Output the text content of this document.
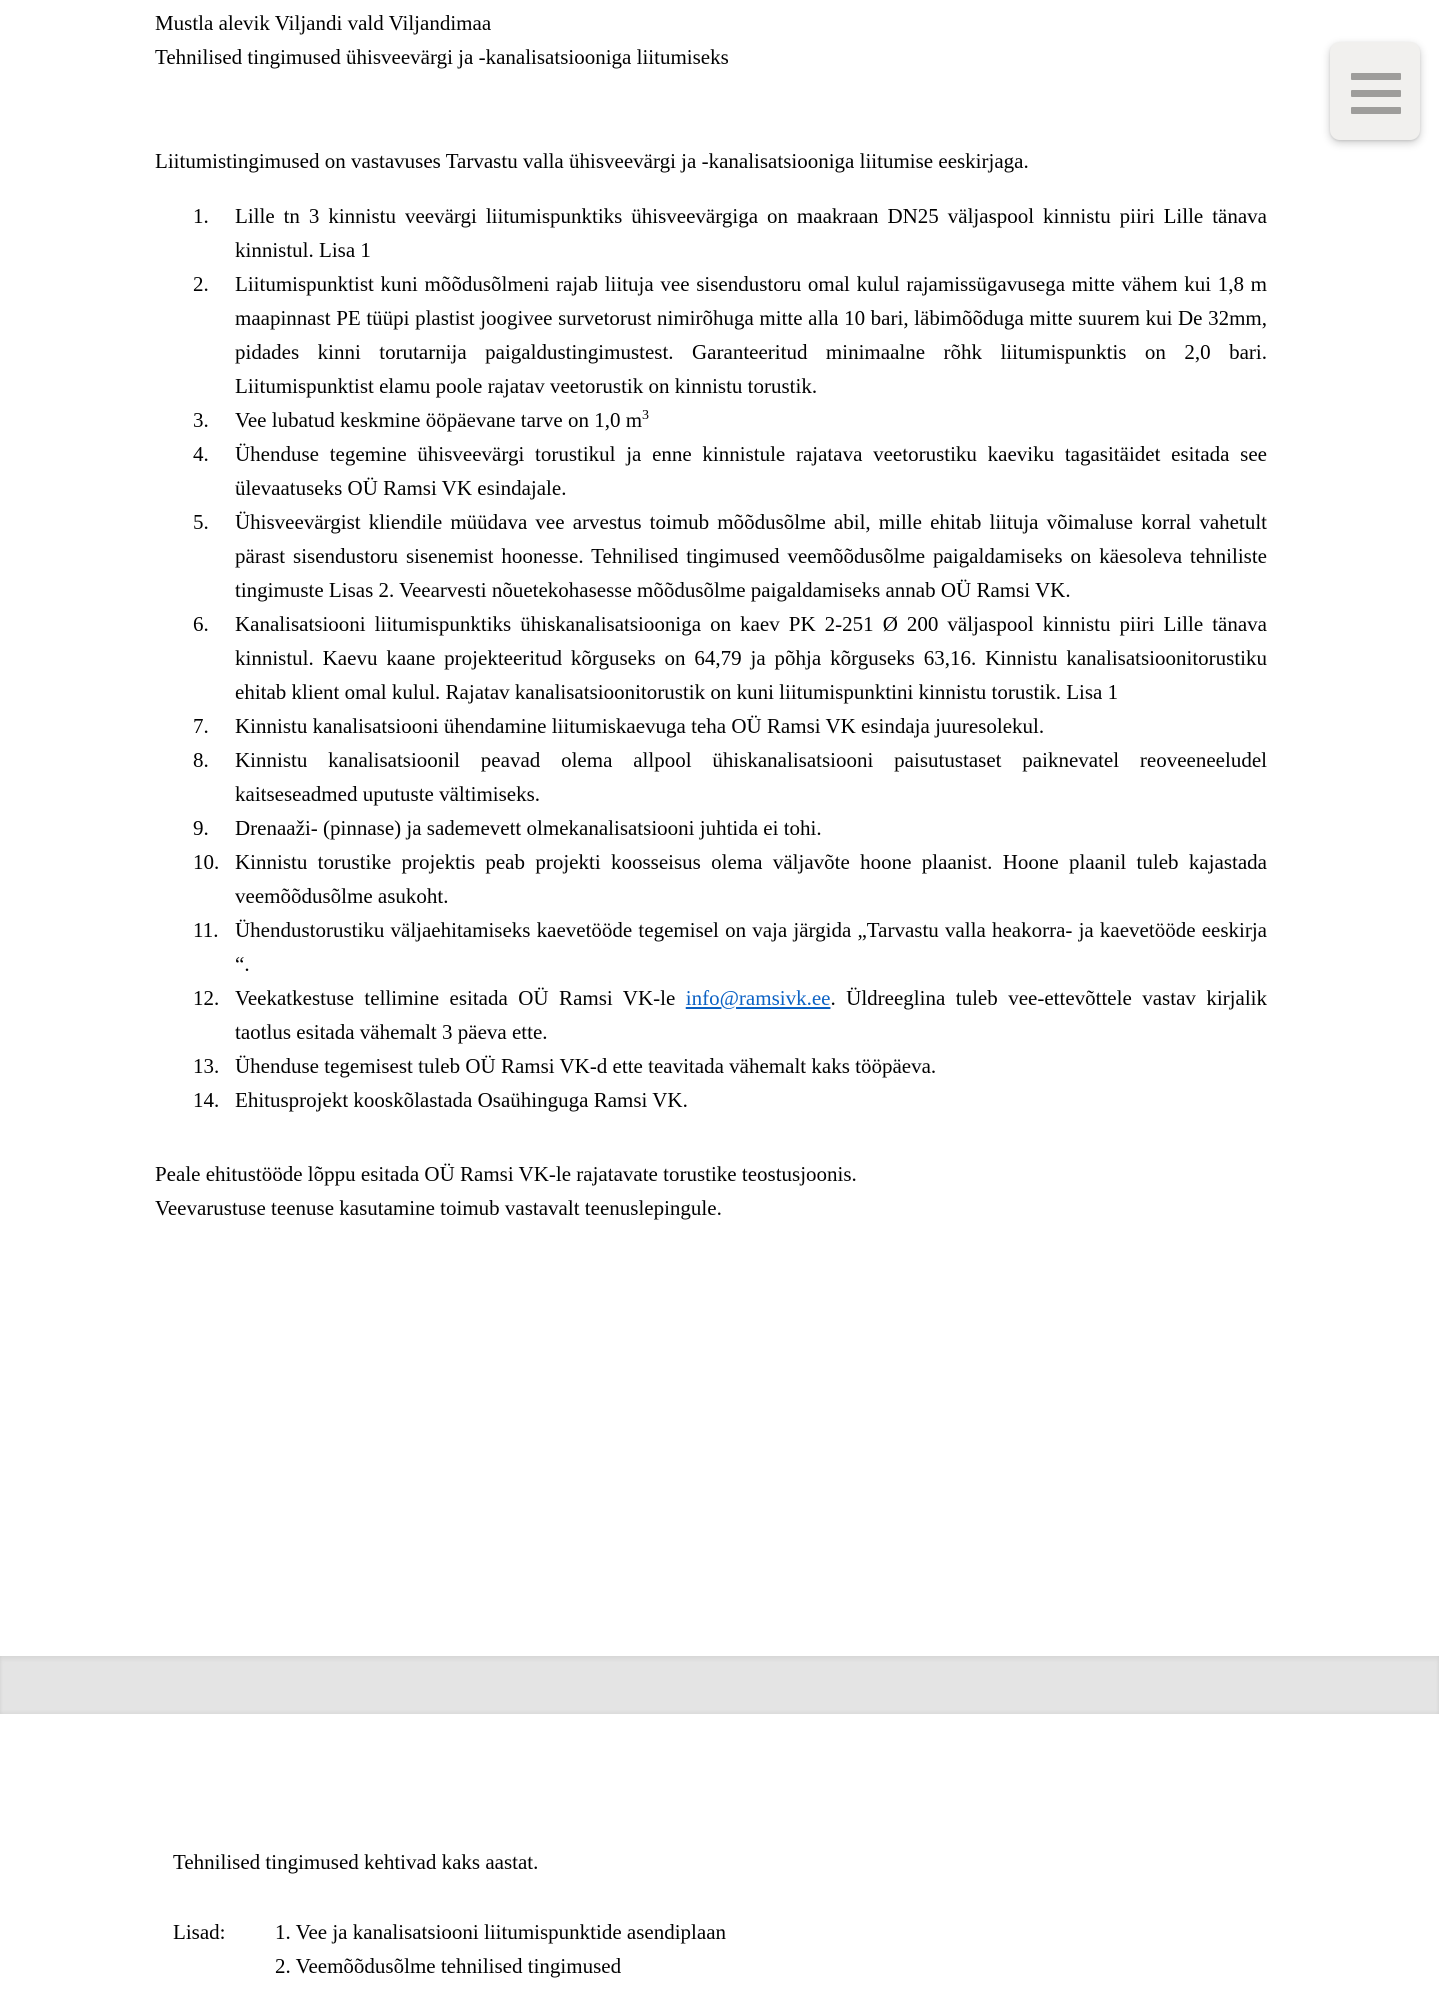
Mustla alevik Viljandi vald Viljandimaa
Tehnilised tingimused ühisveevärgi ja -kanalisatsiooniga liitumiseks

Liitumistingimused on vastavuses Tarvastu valla ühisveevärgi ja -kanalisatsiooniga liitumise eeskirjaga.

1. Lille tn 3 kinnistu veevärgi liitumispunktiks ühisveevärgiga on maakraan DN25 väljaspool kinnistu piiri Lille tänava kinnistul. Lisa 1
2. Liitumispunktist kuni mõõdusõlmeni rajab liituja vee sisendustoru omal kulul rajamissügavusega mitte vähem kui 1,8 m maapinnast PE tüüpi plastist joogivee survetorust nimirõhuga mitte alla 10 bari, läbimõõduga mitte suurem kui De 32mm, pidades kinni torutarnija paigaldustingimustest. Garanteeritud minimaalne rõhk liitumispunktis on 2,0 bari. Liitumispunktist elamu poole rajatav veetorustik on kinnistu torustik.
3. Vee lubatud keskmine ööpäevane tarve on 1,0 $m^3$
4. Ühenduse tegemine ühisveevärgi torustikul ja enne kinnistule rajatava veetorustiku kaeviku tagasitäidet esitada see ülevaatuseks OÜ Ramsi VK esindajale.
5. Ühisveevärgist kliendile müüdava vee arvestus toimub mõõdusõlme abil, mille ehitab liituja võimaluse korral vahetult pärast sisendustoru sisenemist hoonesse. Tehnilised tingimused veemõõdusõlme paigaldamiseks on käesoleva tehniliste tingimuste Lisas 2. Veearvesti nõuetekohasesse mõõdusõlme paigaldamiseks annab OÜ Ramsi VK.
6. Kanalisatsiooni liitumispunktiks ühiskanalisatsiooniga on kaev PK 2-251 Ø 200 väljaspool kinnistu piiri Lille tänava kinnistul. Kaevu kaane projekteeritud kõrguseks on 64,79 ja põhja kõrguseks 63,16. Kinnistu kanalisatsioonitorustiku ehitab klient omal kulul. Rajatav kanalisatsioonitorustik on kuni liitumispunktini kinnistu torustik. Lisa 1
7. Kinnistu kanalisatsiooni ühendamine liitumiskaevuga teha OÜ Ramsi VK esindaja juuresolekul.
8. Kinnistu kanalisatsioonil peavad olema allpool ühiskanalisatsiooni paisutustaset paiknevatel reoveeneeludel kaitseseadmed uputuste vältimiseks.
9. Drenaaži- (pinnase) ja sademevett olmekanalisatsiooni juhtida ei tohi.
10. Kinnistu torustike projektis peab projekti koosseisus olema väljavõte hoone plaanist. Hoone plaanil tuleb kajastada veemõõdusõlme asukoht.
11. Ühendustorustiku väljaehitamiseks kaevetööde tegemisel on vaja järgida „Tarvastu valla heakorra- ja kaevetööde eeskirja “.
12. Veekatkestuse tellimine esitada OÜ Ramsi VK-le info@ramsivk.ee. Üldreeglina tuleb vee-ettevõttele vastav kirjalik taotlus esitada vähemalt 3 päeva ette.
13. Ühenduse tegemisest tuleb OÜ Ramsi VK-d ette teavitada vähemalt kaks tööpäeva.
14. Ehitusprojekt kooskõlastada Osaühinguga Ramsi VK.
Peale ehitustööde lõppu esitada OÜ Ramsi VK-le rajatavate torustike teostusjoonis.
Veevarustuse teenuse kasutamine toimub vastavalt teenuslepingule.
Tehnilised tingimused kehtivad kaks aastat.
Lisad:	1. Vee ja kanalisatsiooni liitumispunktide asendiplaan
2. Veemõõdusõlme tehnilised tingimused
